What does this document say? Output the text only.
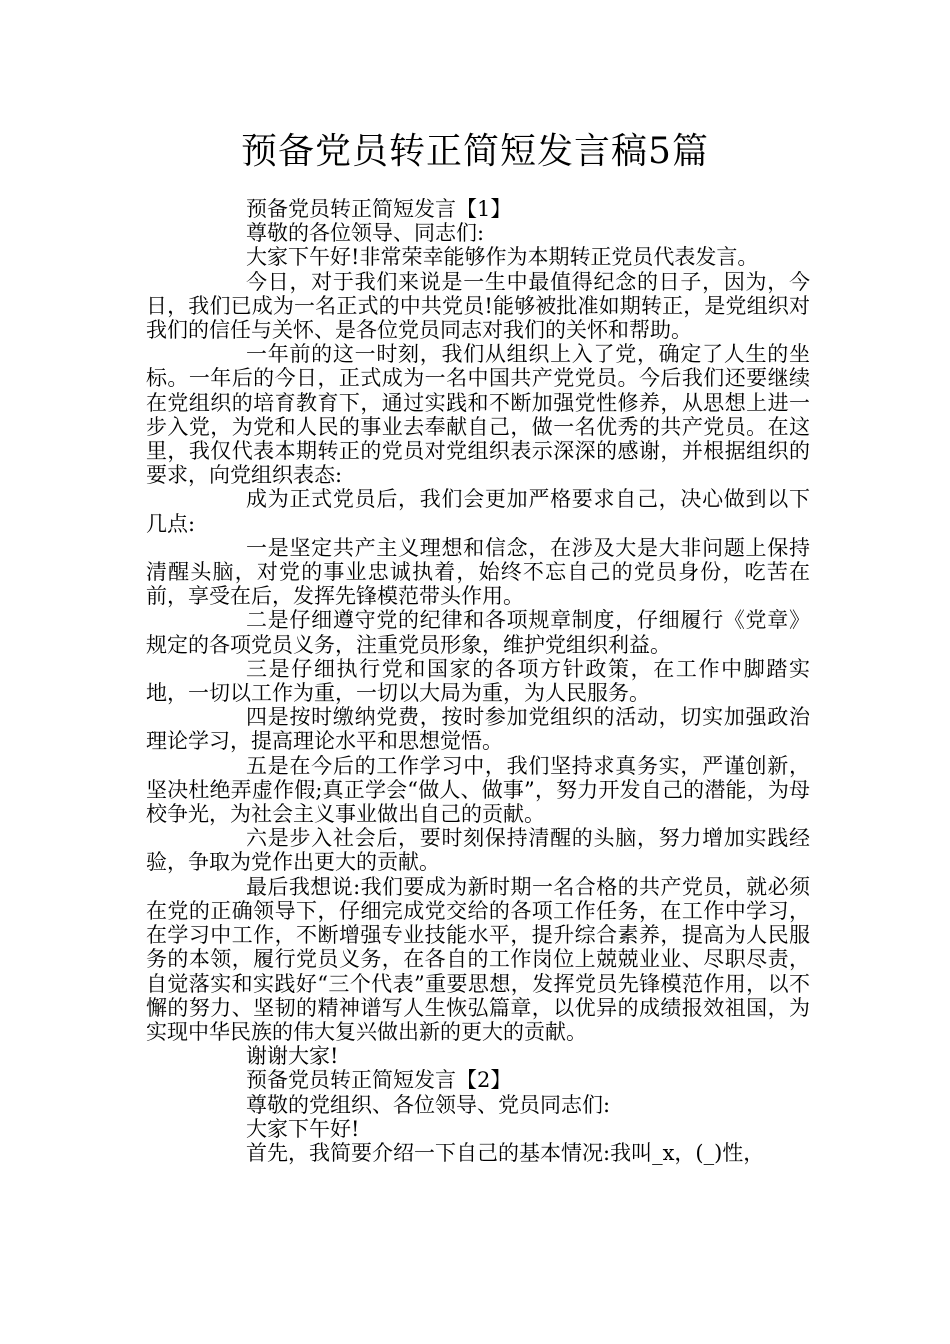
预备党员转正简短发言稿5篇

预备党员转正简短发言【1】

尊敬的各位领导、同志们:

大家下午好!非常荣幸能够作为本期转正党员代表发言。

今日，对于我们来说是一生中最值得纪念的日子，因为，今日，我们已成为一名正式的中共党员!能够被批准如期转正，是党组织对我们的信任与关怀、是各位党员同志对我们的关怀和帮助。

一年前的这一时刻，我们从组织上入了党，确定了人生的坐标。一年后的今日，正式成为一名中国共产党党员。今后我们还要继续在党组织的培育教育下，通过实践和不断加强党性修养，从思想上进一步入党，为党和人民的事业去奉献自己，做一名优秀的共产党员。在这里，我仅代表本期转正的党员对党组织表示深深的感谢，并根据组织的要求，向党组织表态:

成为正式党员后，我们会更加严格要求自己，决心做到以下几点:

一是坚定共产主义理想和信念，在涉及大是大非问题上保持清醒头脑，对党的事业忠诚执着，始终不忘自己的党员身份，吃苦在前，享受在后，发挥先锋模范带头作用。

二是仔细遵守党的纪律和各项规章制度，仔细履行《党章》规定的各项党员义务，注重党员形象，维护党组织利益。

三是仔细执行党和国家的各项方针政策，在工作中脚踏实地，一切以工作为重，一切以大局为重，为人民服务。

四是按时缴纳党费，按时参加党组织的活动，切实加强政治理论学习，提高理论水平和思想觉悟。

五是在今后的工作学习中，我们坚持求真务实，严谨创新，坚决杜绝弄虚作假;真正学会“做人、做事”，努力开发自己的潜能，为母校争光，为社会主义事业做出自己的贡献。

六是步入社会后，要时刻保持清醒的头脑，努力增加实践经验，争取为党作出更大的贡献。

最后我想说:我们要成为新时期一名合格的共产党员，就必须在党的正确领导下，仔细完成党交给的各项工作任务，在工作中学习，在学习中工作，不断增强专业技能水平，提升综合素养，提高为人民服务的本领，履行党员义务，在各自的工作岗位上兢兢业业、尽职尽责，自觉落实和实践好“三个代表”重要思想，发挥党员先锋模范作用，以不懈的努力、坚韧的精神谱写人生恢弘篇章，以优异的成绩报效祖国，为实现中华民族的伟大复兴做出新的更大的贡献。

谢谢大家!

预备党员转正简短发言【2】

尊敬的党组织、各位领导、党员同志们:

大家下午好!

首先，我简要介绍一下自己的基本情况:我叫_x，(_)性，
